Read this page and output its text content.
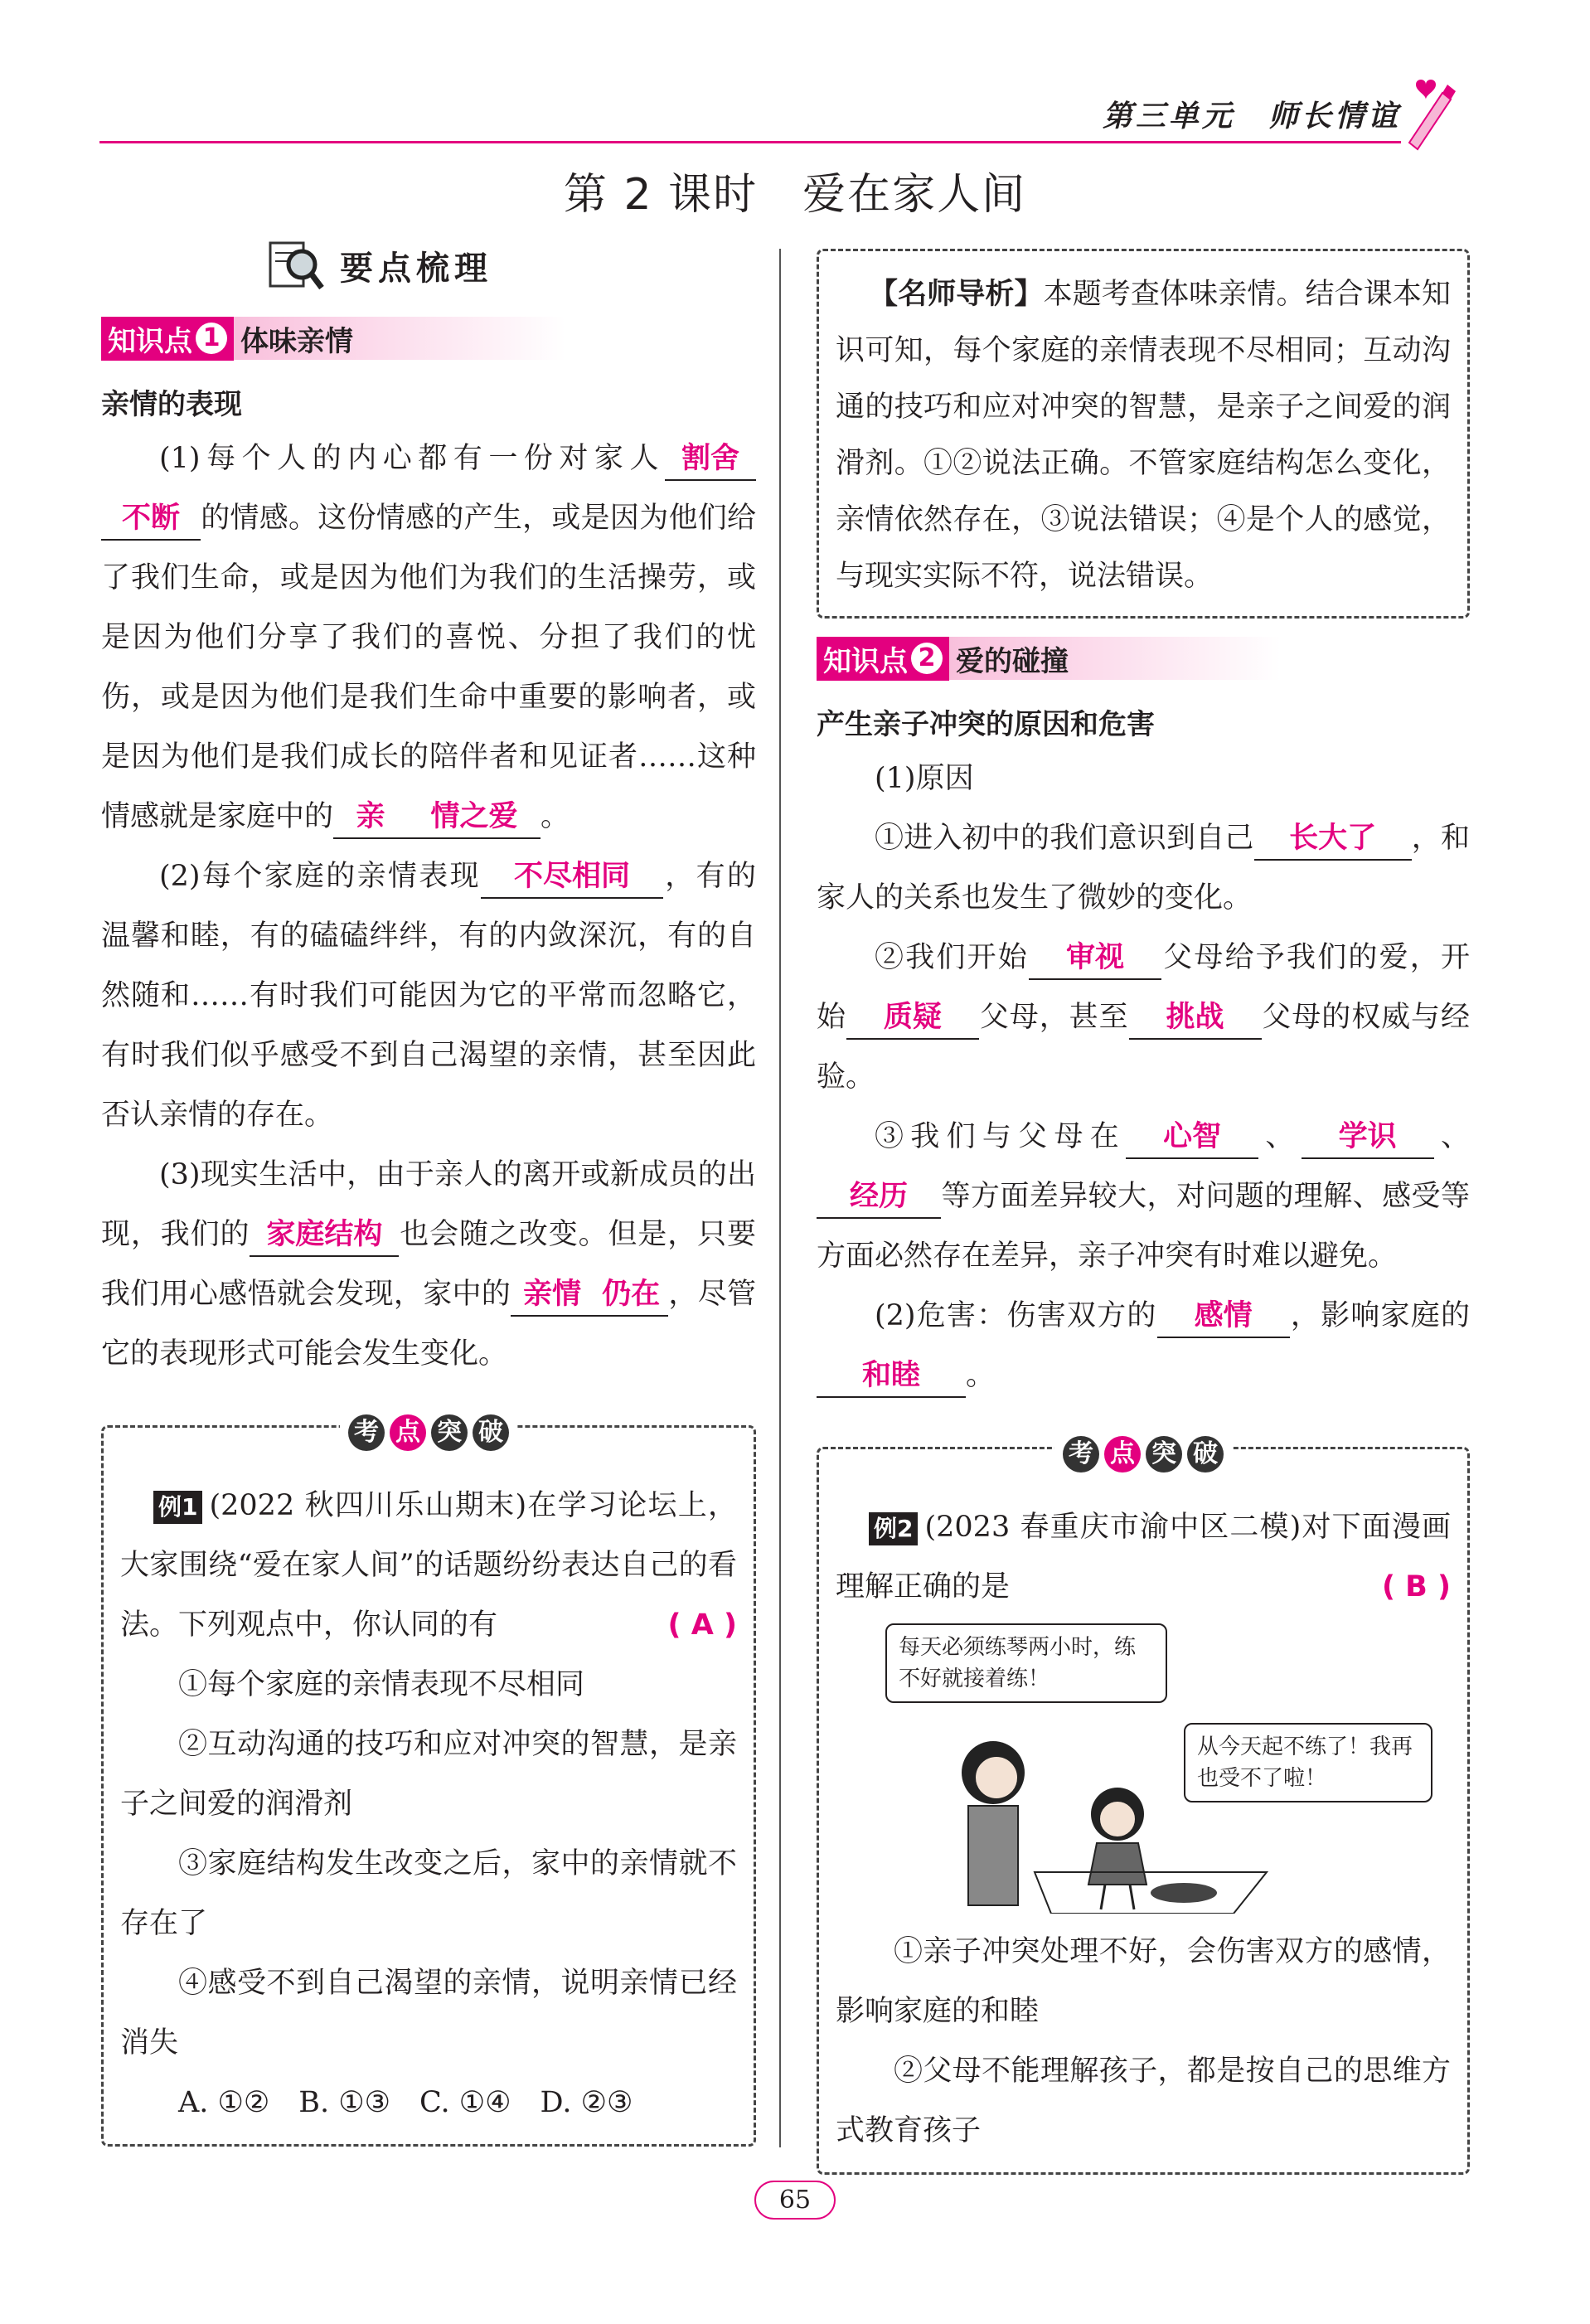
第三单元　师长情谊
第 2 课时　爱在家人间
要点梳理
知识点 1 体味亲情
亲情的表现

(1)每个人的内心都有一份对家人 割舍不断 的情感。这份情感的产生，或是因为他们给了我们生命，或是因为他们为我们的生活操劳，或是因为他们分享了我们的喜悦、分担了我们的忧伤，或是因为他们是我们生命中重要的影响者，或是因为他们是我们成长的陪伴者和见证者……这种情感就是家庭中的 亲 情之爱 。

(2)每个家庭的亲情表现 不尽相同 ，有的温馨和睦，有的磕磕绊绊，有的内敛深沉，有的自然随和……有时我们可能因为它的平常而忽略它，有时我们似乎感受不到自己渴望的亲情，甚至因此否认亲情的存在。

(3)现实生活中，由于亲人的离开或新成员的出现，我们的 家庭结构 也会随之改变。但是，只要我们用心感悟就会发现，家中的 亲情 仍在 ，尽管它的表现形式可能会发生变化。

考 点 突 破

例1 (2022 秋四川乐山期末)在学习论坛上，大家围绕“爱在家人间”的话题纷纷表达自己的看法。下列观点中，你认同的有	( A )

①每个家庭的亲情表现不尽相同

②互动沟通的技巧和应对冲突的智慧，是亲子之间爱的润滑剂

③家庭结构发生改变之后，家中的亲情就不存在了

④感受不到自己渴望的亲情，说明亲情已经消失

A. ①②　B. ①③　C. ①④　D. ②③

【名师导析】本题考查体味亲情。结合课本知识可知，每个家庭的亲情表现不尽相同；互动沟通的技巧和应对冲突的智慧，是亲子之间爱的润滑剂。①②说法正确。不管家庭结构怎么变化，亲情依然存在，③说法错误；④是个人的感觉，与现实实际不符，说法错误。

知识点 2 爱的碰撞
产生亲子冲突的原因和危害

(1)原因

①进入初中的我们意识到自己 长大了 ，和家人的关系也发生了微妙的变化。

②我们开始 审视 父母给予我们的爱，开始 质疑 父母，甚至 挑战 父母的权威与经验。

③我们与父母在 心智 、 学识 、经历 等方面差异较大，对问题的理解、感受等方面必然存在差异，亲子冲突有时难以避免。

(2)危害：伤害双方的 感情 ，影响家庭的和睦 。

考 点 突 破

例2 (2023 春重庆市渝中区二模)对下面漫画理解正确的是	( B )

每天必须练琴两小时，练不好就接着练！
从今天起不练了！我再也受不了啦！

①亲子冲突处理不好，会伤害双方的感情，影响家庭的和睦

②父母不能理解孩子，都是按自己的思维方式教育孩子

65
